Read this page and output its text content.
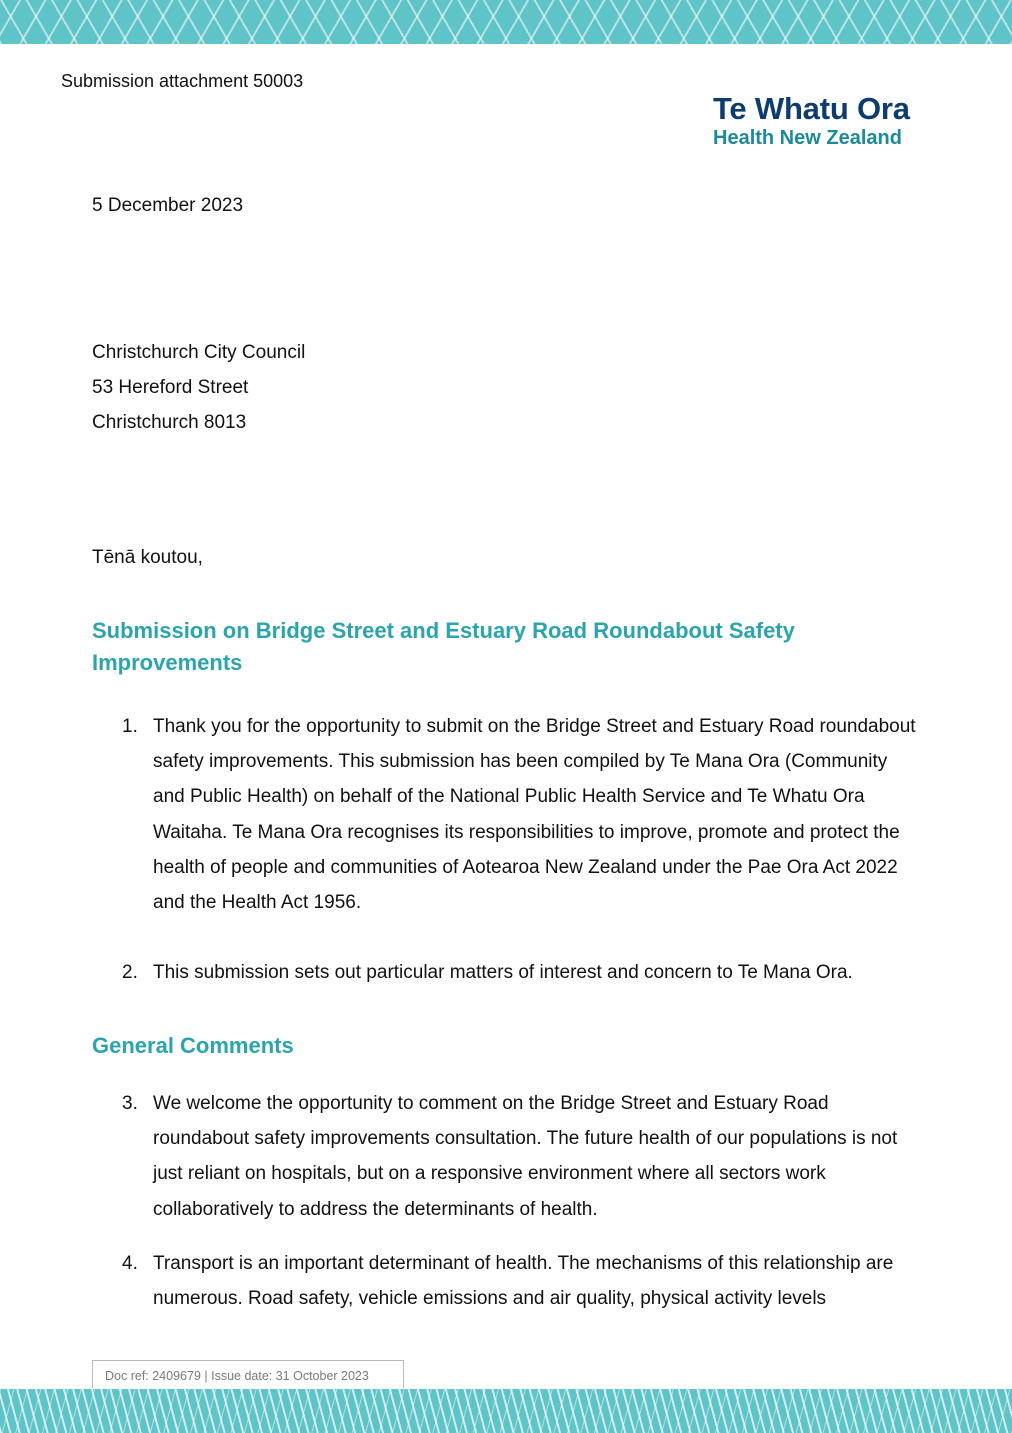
Submission attachment 50003

Te Whatu Ora
Health New Zealand

5 December 2023

Christchurch City Council
53 Hereford Street
Christchurch 8013

Tēnā koutou,

Submission on Bridge Street and Estuary Road Roundabout Safety Improvements
1. Thank you for the opportunity to submit on the Bridge Street and Estuary Road roundabout safety improvements. This submission has been compiled by Te Mana Ora (Community and Public Health) on behalf of the National Public Health Service and Te Whatu Ora Waitaha. Te Mana Ora recognises its responsibilities to improve, promote and protect the health of people and communities of Aotearoa New Zealand under the Pae Ora Act 2022 and the Health Act 1956.
2. This submission sets out particular matters of interest and concern to Te Mana Ora.
General Comments
3. We welcome the opportunity to comment on the Bridge Street and Estuary Road roundabout safety improvements consultation. The future health of our populations is not just reliant on hospitals, but on a responsive environment where all sectors work collaboratively to address the determinants of health.
4. Transport is an important determinant of health. The mechanisms of this relationship are numerous. Road safety, vehicle emissions and air quality, physical activity levels
Doc ref: 2409679 | Issue date: 31 October 2023
